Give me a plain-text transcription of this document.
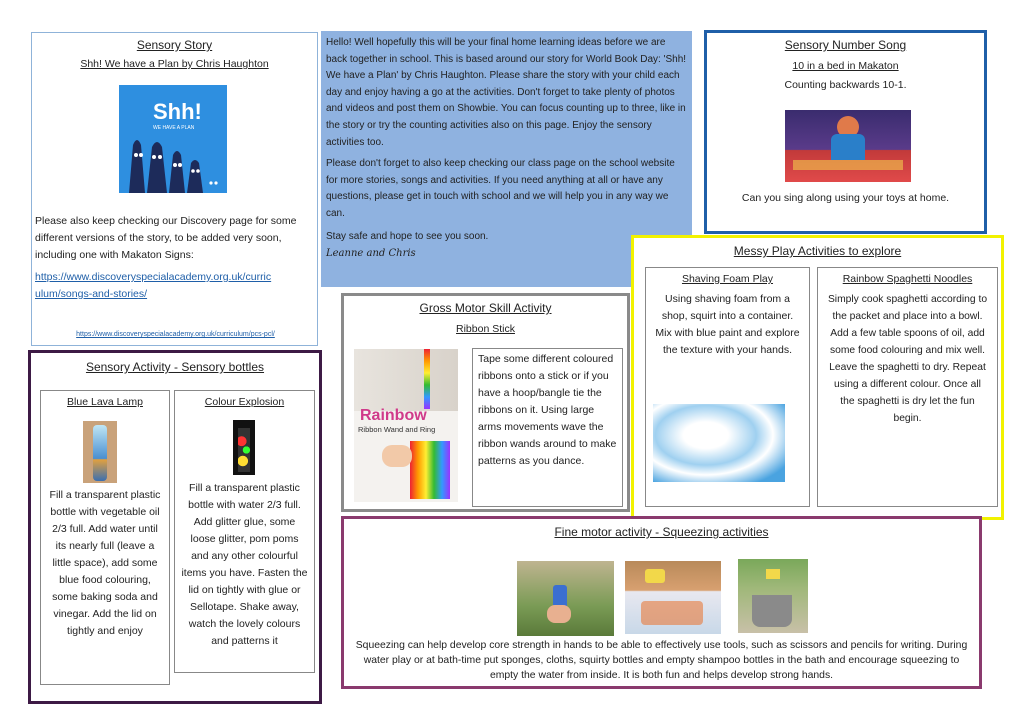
Sensory Story
Shh! We have a Plan by Chris Haughton
Shh!
WE HAVE A PLAN
Please also keep checking our Discovery page for some different versions of the story, to be added very soon, including one with Makaton Signs:
https://www.discoveryspecialacademy.org.uk/curriculum/songs-and-stories/
https://www.discoveryspecialacademy.org.uk/curriculum/pcs-pcl/
Hello! Well hopefully this will be your final home learning ideas before we are back together in school. This is based around our story for World Book Day: 'Shh! We have a Plan' by Chris Haughton. Please share the story with your child each day and enjoy having a go at the activities. Don't forget to take plenty of photos and videos and post them on Showbie. You can focus counting up to three, like in the story or try the counting activities also on this page. Enjoy the sensory activities too.
Please don't forget to also keep checking our class page on the school website for more stories, songs and activities. If you need anything at all or have any questions, please get in touch with school and we will help you in any way we can.
Stay safe and hope to see you soon.
Leanne and Chris
Sensory Number Song
10 in a bed in Makaton
Counting backwards 10-1.
Can you sing along using your toys at home.
Messy Play Activities to explore
Shaving Foam Play
Using shaving foam from a shop, squirt into a container. Mix with blue paint and explore the texture with your hands.
Rainbow Spaghetti Noodles
Simply cook spaghetti according to the packet and place into a bowl. Add a few table spoons of oil, add some food colouring and mix well. Leave the spaghetti to dry. Repeat using a different colour. Once all the spaghetti is dry let the fun begin.
Gross Motor Skill Activity
Ribbon Stick
Rainbow
Ribbon Wand and Ring
Tape some different coloured ribbons onto a stick or if you have a hoop/bangle tie the ribbons on it. Using large arms movements wave the ribbon wands around to make patterns as you dance.
Sensory Activity - Sensory bottles
Blue Lava Lamp
Fill a transparent plastic bottle with vegetable oil 2/3 full. Add water until its nearly full (leave a little space), add some blue food colouring, some baking soda and vinegar. Add the lid on tightly and enjoy
Colour Explosion
Fill a transparent plastic bottle with water 2/3 full. Add glitter glue, some loose glitter, pom poms and any other colourful items you have. Fasten the lid on tightly with glue or Sellotape. Shake away, watch the lovely colours and patterns it
Fine motor activity - Squeezing activities
Squeezing can help develop core strength in hands to be able to effectively use tools, such as scissors and pencils for writing. During water play or at bath-time put sponges, cloths, squirty bottles and empty shampoo bottles in the bath and encourage squeezing to empty the water from inside. It is both fun and helps develop strong hands.
